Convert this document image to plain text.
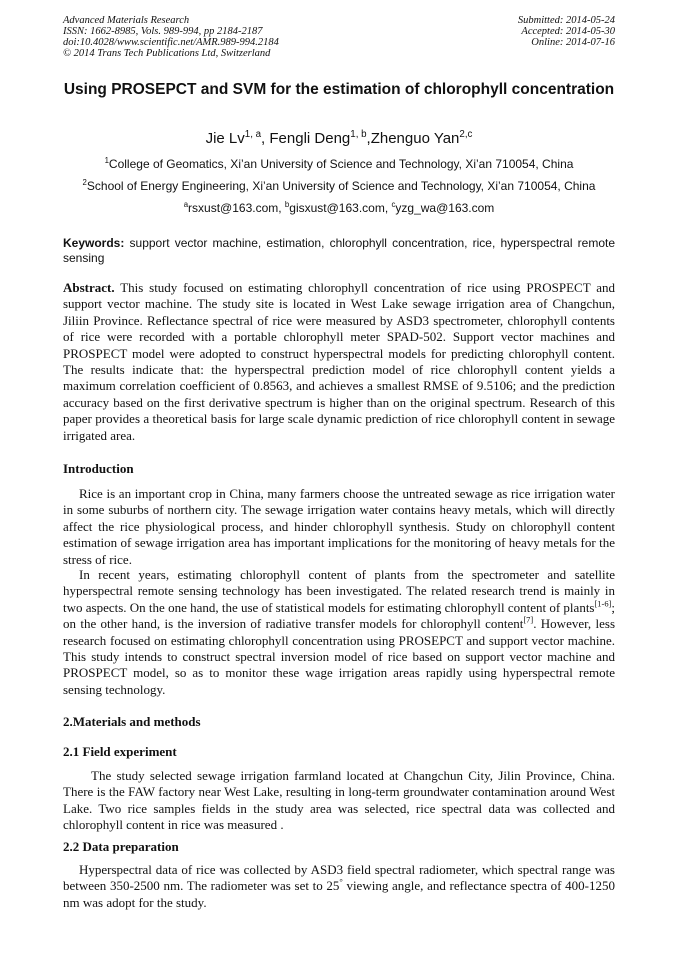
Advanced Materials Research
ISSN: 1662-8985, Vols. 989-994, pp 2184-2187
doi:10.4028/www.scientific.net/AMR.989-994.2184
© 2014 Trans Tech Publications Ltd, Switzerland
Submitted: 2014-05-24
Accepted: 2014-05-30
Online: 2014-07-16
Using PROSEPCT and SVM for the estimation of chlorophyll concentration
Jie Lv$^{1, a}$, Fengli Deng$^{1, b}$,Zhenguo Yan$^{2,c}$
$^1$College of Geomatics, Xi’an University of Science and Technology, Xi’an 710054, China
$^2$School of Energy Engineering, Xi’an University of Science and Technology, Xi’an 710054, China
$^a$rsxust@163.com, $^b$gisxust@163.com, $^c$yzg_wa@163.com
Keywords: support vector machine, estimation, chlorophyll concentration, rice, hyperspectral remote sensing
Abstract. This study focused on estimating chlorophyll concentration of rice using PROSPECT and support vector machine. The study site is located in West Lake sewage irrigation area of Changchun, Jiliin Province. Reflectance spectral of rice were measured by ASD3 spectrometer, chlorophyll contents of rice were recorded with a portable chlorophyll meter SPAD-502. Support vector machines and PROSPECT model were adopted to construct hyperspectral models for predicting chlorophyll content. The results indicate that: the hyperspectral prediction model of rice chlorophyll content yields a maximum correlation coefficient of 0.8563, and achieves a smallest RMSE of 9.5106; and the prediction accuracy based on the first derivative spectrum is higher than on the original spectrum. Research of this paper provides a theoretical basis for large scale dynamic prediction of rice chlorophyll content in sewage irrigated area.
Introduction
Rice is an important crop in China, many farmers choose the untreated sewage as rice irrigation water in some suburbs of northern city. The sewage irrigation water contains heavy metals, which will directly affect the rice physiological process, and hinder chlorophyll synthesis. Study on chlorophyll content estimation of sewage irrigation area has important implications for the monitoring of heavy metals for the stress of rice.
In recent years, estimating chlorophyll content of plants from the spectrometer and satellite hyperspectral remote sensing technology has been investigated. The related research trend is mainly in two aspects. On the one hand, the use of statistical models for estimating chlorophyll content of plants[1-6]; on the other hand, is the inversion of radiative transfer models for chlorophyll content[7]. However, less research focused on estimating chlorophyll concentration using PROSEPCT and support vector machine. This study intends to construct spectral inversion model of rice based on support vector machine and PROSPECT model, so as to monitor these wage irrigation areas rapidly using hyperspectral remote sensing technology.
2.Materials and methods
2.1 Field experiment
The study selected sewage irrigation farmland located at Changchun City, Jilin Province, China. There is the FAW factory near West Lake, resulting in long-term groundwater contamination around West Lake. Two rice samples fields in the study area was selected, rice spectral data was collected and chlorophyll content in rice was measured .
2.2 Data preparation
Hyperspectral data of rice was collected by ASD3 field spectral radiometer, which spectral range was between 350-2500 nm. The radiometer was set to 25° viewing angle, and reflectance spectra of 400-1250 nm was adopt for the study.
